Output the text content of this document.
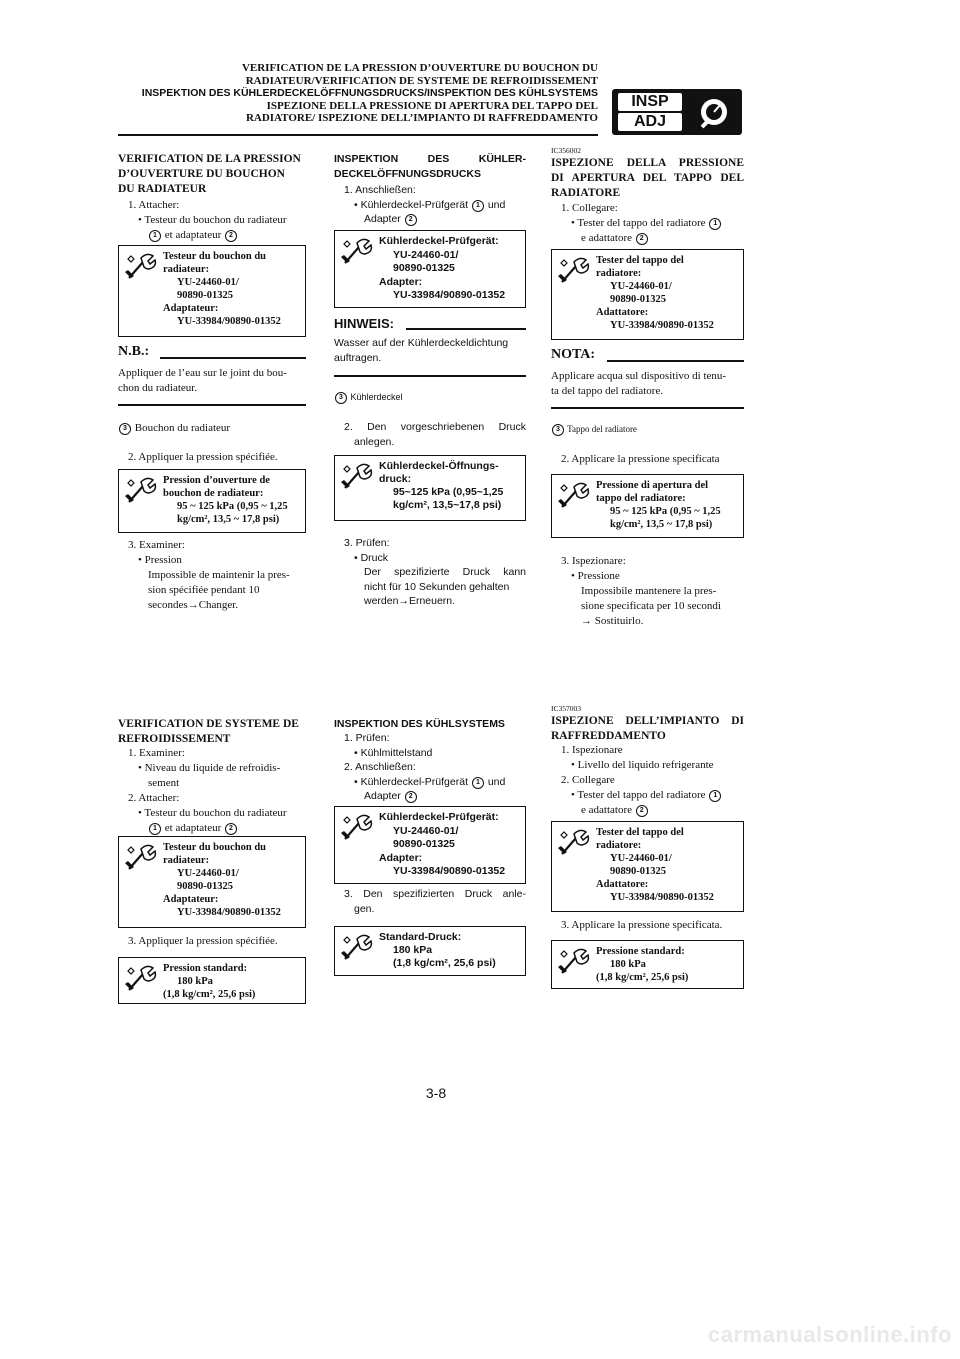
VERIFICATION DE LA PRESSION D’OUVERTURE DU BOUCHON DU
RADIATEUR/VERIFICATION DE SYSTEME DE REFROIDISSEMENT
INSPEKTION DES KÜHLERDECKELÖFFNUNGSDRUCKS/INSPEKTION DES KÜHLSYSTEMS
ISPEZIONE DELLA PRESSIONE DI APERTURA DEL TAPPO DEL
RADIATORE/ ISPEZIONE DELL’IMPIANTO DI RAFFREDDAMENTO
INSP
ADJ
VERIFICATION DE LA PRESSION
D’OUVERTURE DU BOUCHON
DU RADIATEUR
1. Attacher:
• Testeur du bouchon du radiateur
1 et adaptateur 2
Testeur du bouchon du
radiateur:
YU-24460-01/
90890-01325
Adaptateur:
YU-33984/90890-01352
N.B.:
Appliquer de l’eau sur le joint du bou-
chon du radiateur.
3 Bouchon du radiateur
2. Appliquer la pression spécifiée.
Pression d’ouverture de
bouchon de radiateur:
95 ~ 125 kPa (0,95 ~ 1,25
kg/cm², 13,5 ~ 17,8 psi)
3. Examiner:
• Pression
Impossible de maintenir la pres-
sion spécifiée pendant 10
secondes→Changer.
VERIFICATION DE SYSTEME DE
REFROIDISSEMENT
1. Examiner:
• Niveau du liquide de refroidis-
sement
2. Attacher:
• Testeur du bouchon du radiateur
1 et adaptateur 2
Testeur du bouchon du
radiateur:
YU-24460-01/
90890-01325
Adaptateur:
YU-33984/90890-01352
3. Appliquer la pression spécifiée.
Pression standard:
180 kPa
(1,8 kg/cm², 25,6 psi)
INSPEKTION DES KÜHLER-
DECKELÖFFNUNGSDRUCKS
1. Anschließen:
• Kühlerdeckel-Prüfgerät 1 und
Adapter 2
Kühlerdeckel-Prüfgerät:
YU-24460-01/
90890-01325
Adapter:
YU-33984/90890-01352
HINWEIS:
Wasser auf der Kühlerdeckeldichtung
auftragen.
3 Kühlerdeckel
2. Den vorgeschriebenen Druck
anlegen.
Kühlerdeckel-Öffnungs-
druck:
95~125 kPa (0,95~1,25
kg/cm², 13,5~17,8 psi)
3. Prüfen:
• Druck
Der spezifizierte Druck kann
nicht für 10 Sekunden gehalten
werden→Erneuern.
INSPEKTION DES KÜHLSYSTEMS
1. Prüfen:
• Kühlmittelstand
2. Anschließen:
• Kühlerdeckel-Prüfgerät 1 und
Adapter 2
Kühlerdeckel-Prüfgerät:
YU-24460-01/
90890-01325
Adapter:
YU-33984/90890-01352
3. Den spezifizierten Druck anle-
gen.
Standard-Druck:
180 kPa
(1,8 kg/cm², 25,6 psi)
IC356002
ISPEZIONE DELLA PRESSIONE
DI APERTURA DEL TAPPO DEL
RADIATORE
1. Collegare:
• Tester del tappo del radiatore 1
e adattatore 2
Tester del tappo del
radiatore:
YU-24460-01/
90890-01325
Adattatore:
YU-33984/90890-01352
NOTA:
Applicare acqua sul dispositivo di tenu-
ta del tappo del radiatore.
3 Tappo del radiatore
2. Applicare la pressione specificata
Pressione di apertura del
tappo del radiatore:
95 ~ 125 kPa (0,95 ~ 1,25
kg/cm², 13,5 ~ 17,8 psi)
3. Ispezionare:
• Pressione
Impossibile mantenere la pres-
sione specificata per 10 secondi
→ Sostituirlo.
IC357003
ISPEZIONE DELL’IMPIANTO DI
RAFFREDDAMENTO
1. Ispezionare
• Livello del liquido refrigerante
2. Collegare
• Tester del tappo del radiatore 1
e adattatore 2
Tester del tappo del
radiatore:
YU-24460-01/
90890-01325
Adattatore:
YU-33984/90890-01352
3. Applicare la pressione specificata.
Pressione standard:
180 kPa
(1,8 kg/cm², 25,6 psi)
3-8
carmanualsonline.info
